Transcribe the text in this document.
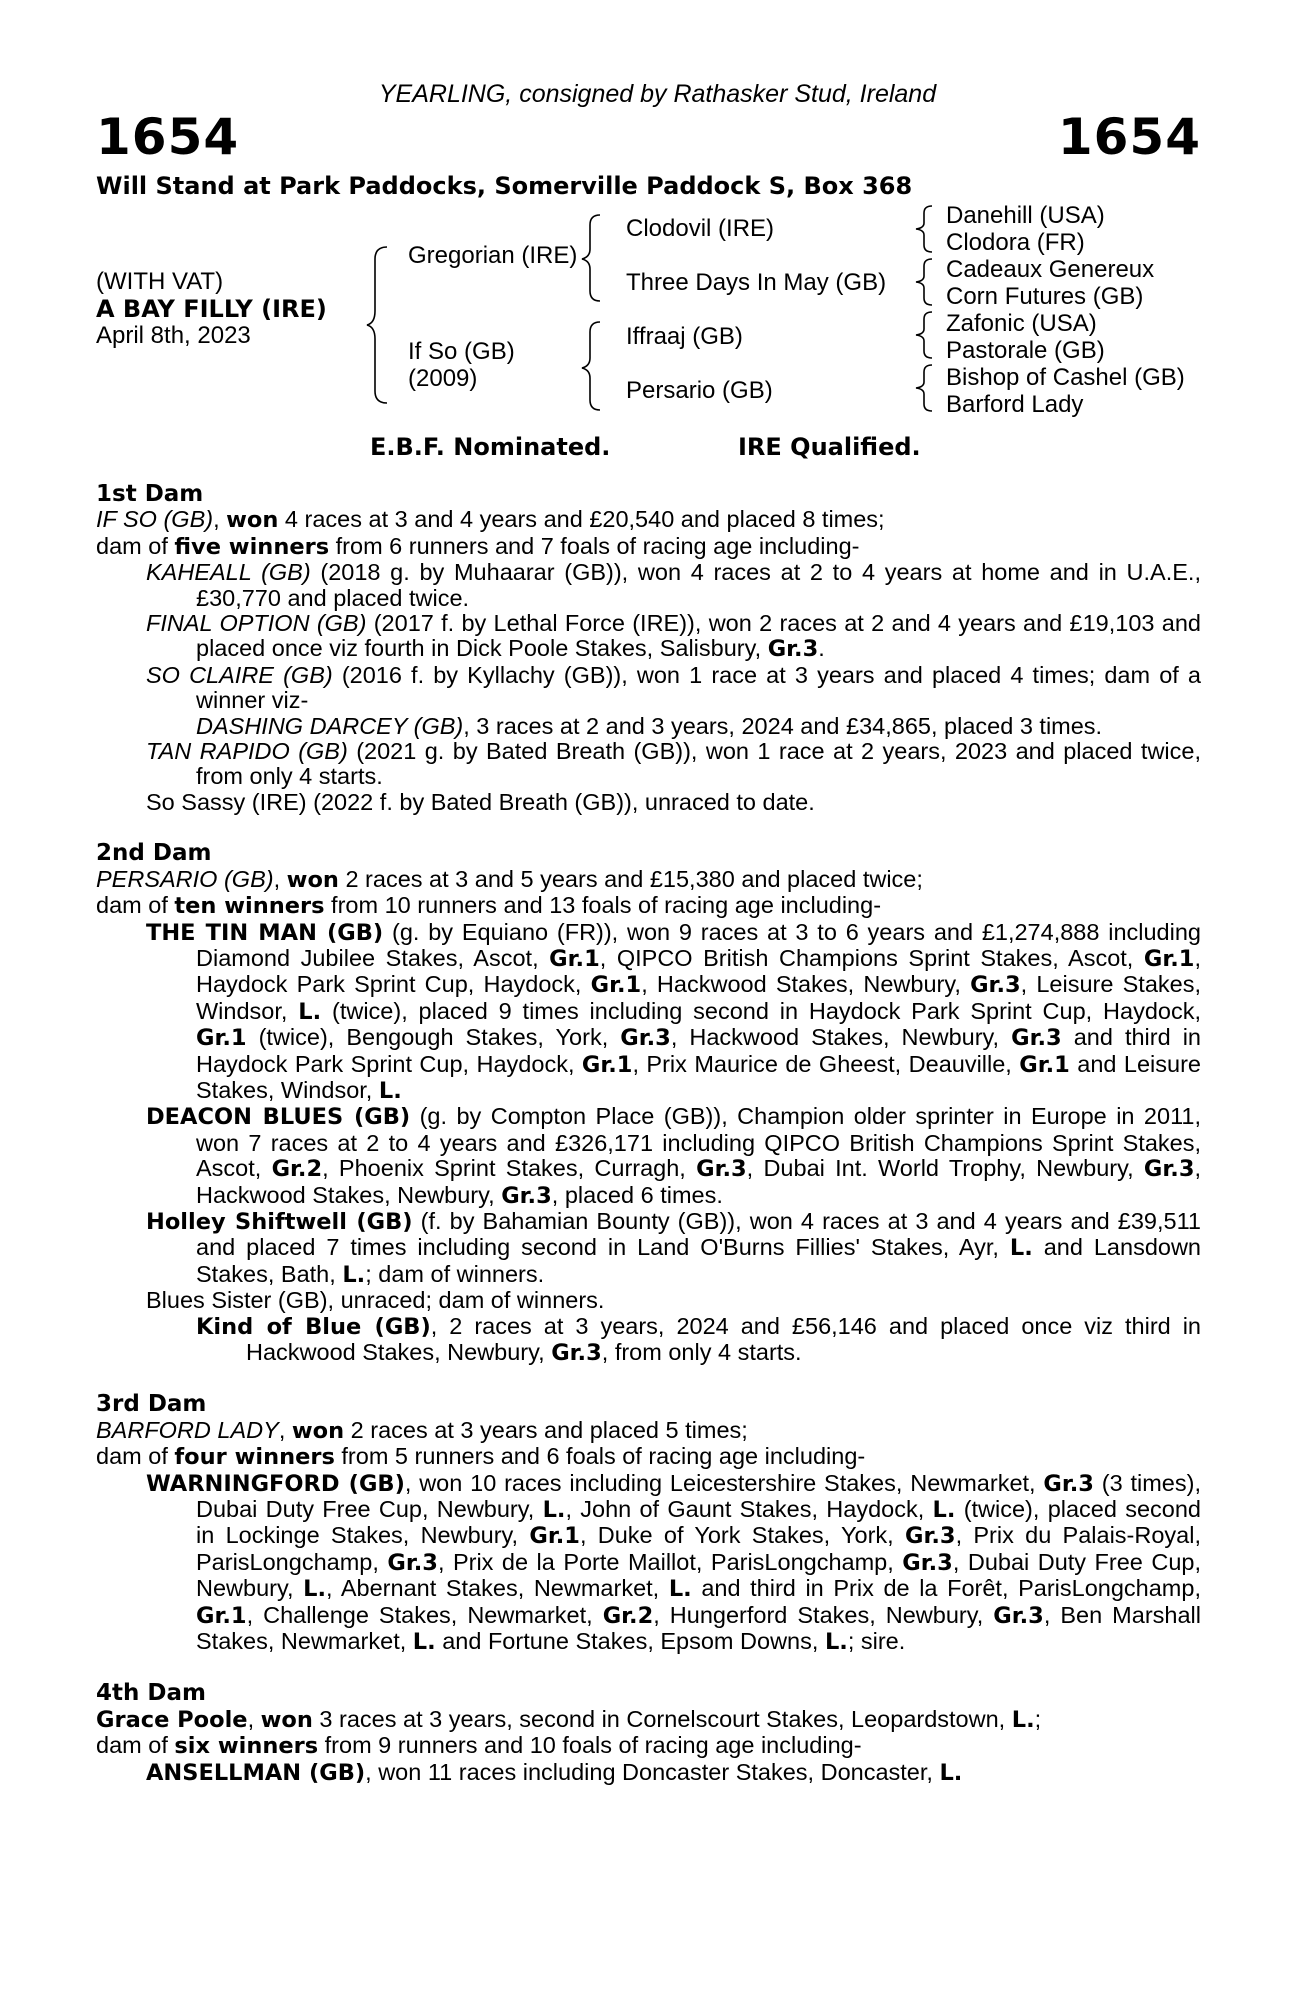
YEARLING, consigned by Rathasker Stud, Ireland
1654	1654
Will Stand at Park Paddocks, Somerville Paddock S, Box 368
(WITH VAT)
A BAY FILLY (IRE)
April 8th, 2023
Gregorian (IRE)
If So (GB)
(2009)
Clodovil (IRE)
Three Days In May (GB)
Iffraaj (GB)
Persario (GB)
Danehill (USA)
Clodora (FR)
Cadeaux Genereux
Corn Futures (GB)
Zafonic (USA)
Pastorale (GB)
Bishop of Cashel (GB)
Barford Lady
E.B.F. Nominated.	IRE Qualified.
1st Dam

IF SO (GB), won 4 races at 3 and 4 years and £20,540 and placed 8 times;

dam of five winners from 6 runners and 7 foals of racing age including-

KAHEALL (GB) (2018 g. by Muhaarar (GB)), won 4 races at 2 to 4 years at home and in U.A.E., £30,770 and placed twice.

FINAL OPTION (GB) (2017 f. by Lethal Force (IRE)), won 2 races at 2 and 4 years and £19,103 and placed once viz fourth in Dick Poole Stakes, Salisbury, Gr.3.

SO CLAIRE (GB) (2016 f. by Kyllachy (GB)), won 1 race at 3 years and placed 4 times; dam of a winner viz-

DASHING DARCEY (GB), 3 races at 2 and 3 years, 2024 and £34,865, placed 3 times.

TAN RAPIDO (GB) (2021 g. by Bated Breath (GB)), won 1 race at 2 years, 2023 and placed twice, from only 4 starts.

So Sassy (IRE) (2022 f. by Bated Breath (GB)), unraced to date.

2nd Dam

PERSARIO (GB), won 2 races at 3 and 5 years and £15,380 and placed twice;

dam of ten winners from 10 runners and 13 foals of racing age including-

THE TIN MAN (GB) (g. by Equiano (FR)), won 9 races at 3 to 6 years and £1,274,888 including Diamond Jubilee Stakes, Ascot, Gr.1, QIPCO British Champions Sprint Stakes, Ascot, Gr.1, Haydock Park Sprint Cup, Haydock, Gr.1, Hackwood Stakes, Newbury, Gr.3, Leisure Stakes, Windsor, L. (twice), placed 9 times including second in Haydock Park Sprint Cup, Haydock, Gr.1 (twice), Bengough Stakes, York, Gr.3, Hackwood Stakes, Newbury, Gr.3 and third in Haydock Park Sprint Cup, Haydock, Gr.1, Prix Maurice de Gheest, Deauville, Gr.1 and Leisure Stakes, Windsor, L.

DEACON BLUES (GB) (g. by Compton Place (GB)), Champion older sprinter in Europe in 2011, won 7 races at 2 to 4 years and £326,171 including QIPCO British Champions Sprint Stakes, Ascot, Gr.2, Phoenix Sprint Stakes, Curragh, Gr.3, Dubai Int. World Trophy, Newbury, Gr.3, Hackwood Stakes, Newbury, Gr.3, placed 6 times.

Holley Shiftwell (GB) (f. by Bahamian Bounty (GB)), won 4 races at 3 and 4 years and £39,511 and placed 7 times including second in Land O'Burns Fillies' Stakes, Ayr, L. and Lansdown Stakes, Bath, L.; dam of winners.

Blues Sister (GB), unraced; dam of winners.

Kind of Blue (GB), 2 races at 3 years, 2024 and £56,146 and placed once viz third in Hackwood Stakes, Newbury, Gr.3, from only 4 starts.

3rd Dam

BARFORD LADY, won 2 races at 3 years and placed 5 times;

dam of four winners from 5 runners and 6 foals of racing age including-

WARNINGFORD (GB), won 10 races including Leicestershire Stakes, Newmarket, Gr.3 (3 times), Dubai Duty Free Cup, Newbury, L., John of Gaunt Stakes, Haydock, L. (twice), placed second in Lockinge Stakes, Newbury, Gr.1, Duke of York Stakes, York, Gr.3, Prix du Palais-Royal, ParisLongchamp, Gr.3, Prix de la Porte Maillot, ParisLongchamp, Gr.3, Dubai Duty Free Cup, Newbury, L., Abernant Stakes, Newmarket, L. and third in Prix de la Forêt, ParisLongchamp, Gr.1, Challenge Stakes, Newmarket, Gr.2, Hungerford Stakes, Newbury, Gr.3, Ben Marshall Stakes, Newmarket, L. and Fortune Stakes, Epsom Downs, L.; sire.

4th Dam

Grace Poole, won 3 races at 3 years, second in Cornelscourt Stakes, Leopardstown, L.;

dam of six winners from 9 runners and 10 foals of racing age including-

ANSELLMAN (GB), won 11 races including Doncaster Stakes, Doncaster, L.
